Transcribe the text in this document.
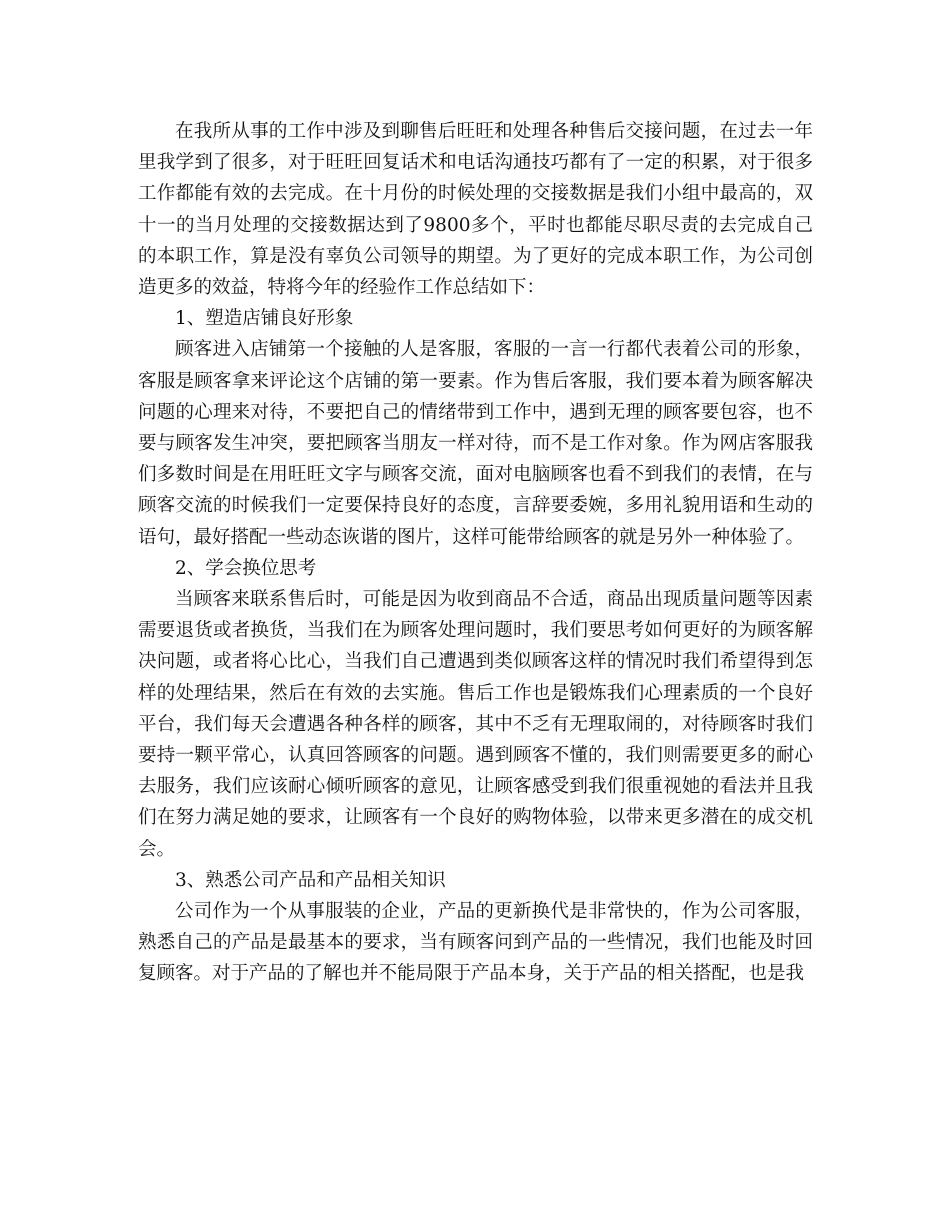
在我所从事的工作中涉及到聊售后旺旺和处理各种售后交接问题，在过去一年里我学到了很多，对于旺旺回复话术和电话沟通技巧都有了一定的积累，对于很多工作都能有效的去完成。在十月份的时候处理的交接数据是我们小组中最高的，双十一的当月处理的交接数据达到了9800多个，平时也都能尽职尽责的去完成自己的本职工作，算是没有辜负公司领导的期望。为了更好的完成本职工作，为公司创造更多的效益，特将今年的经验作工作总结如下：

1、塑造店铺良好形象

顾客进入店铺第一个接触的人是客服，客服的一言一行都代表着公司的形象，客服是顾客拿来评论这个店铺的第一要素。作为售后客服，我们要本着为顾客解决问题的心理来对待，不要把自己的情绪带到工作中，遇到无理的顾客要包容，也不要与顾客发生冲突，要把顾客当朋友一样对待，而不是工作对象。作为网店客服我们多数时间是在用旺旺文字与顾客交流，面对电脑顾客也看不到我们的表情，在与顾客交流的时候我们一定要保持良好的态度，言辞要委婉，多用礼貌用语和生动的语句，最好搭配一些动态诙谐的图片，这样可能带给顾客的就是另外一种体验了。

2、学会换位思考

当顾客来联系售后时，可能是因为收到商品不合适，商品出现质量问题等因素需要退货或者换货，当我们在为顾客处理问题时，我们要思考如何更好的为顾客解决问题，或者将心比心，当我们自己遭遇到类似顾客这样的情况时我们希望得到怎样的处理结果，然后在有效的去实施。售后工作也是锻炼我们心理素质的一个良好平台，我们每天会遭遇各种各样的顾客，其中不乏有无理取闹的，对待顾客时我们要持一颗平常心，认真回答顾客的问题。遇到顾客不懂的，我们则需要更多的耐心去服务，我们应该耐心倾听顾客的意见，让顾客感受到我们很重视她的看法并且我们在努力满足她的要求，让顾客有一个良好的购物体验，以带来更多潜在的成交机会。

3、熟悉公司产品和产品相关知识

公司作为一个从事服装的企业，产品的更新换代是非常快的，作为公司客服，熟悉自己的产品是最基本的要求，当有顾客问到产品的一些情况，我们也能及时回复顾客。对于产品的了解也并不能局限于产品本身，关于产品的相关搭配，也是我
